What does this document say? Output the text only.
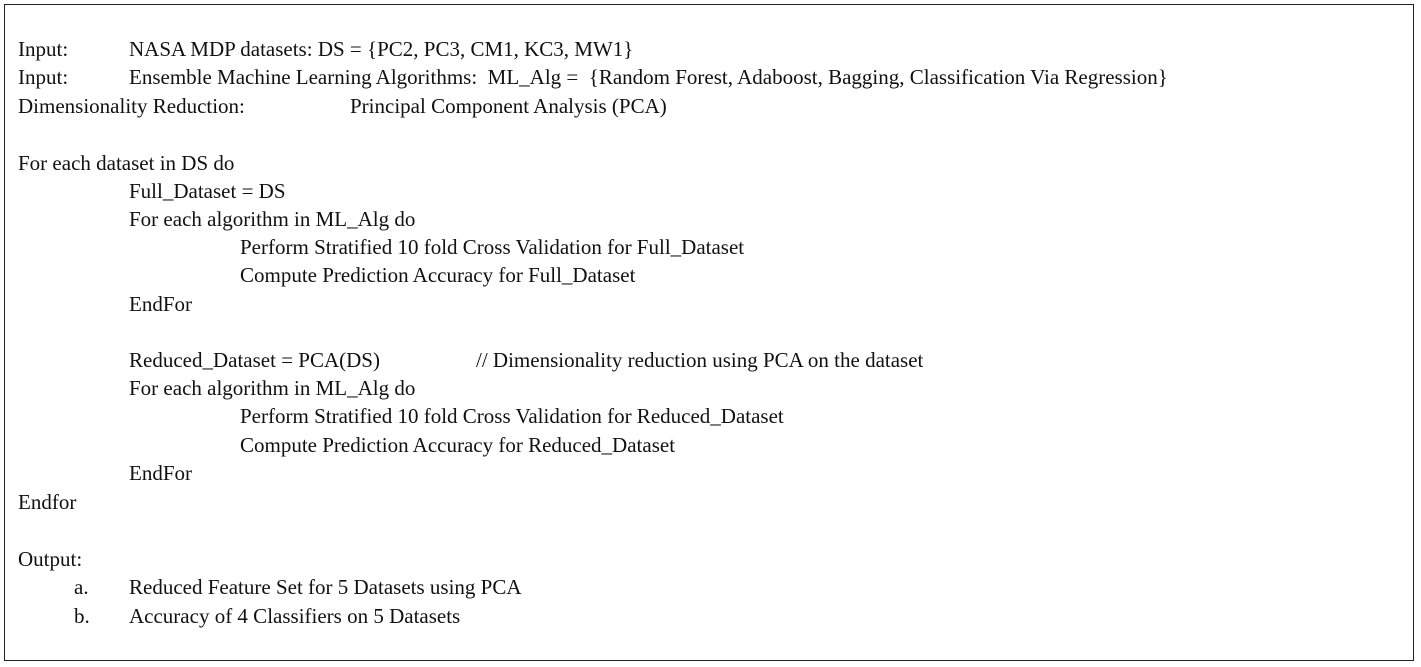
Input:	NASA MDP datasets: DS = {PC2, PC3, CM1, KC3, MW1}
Input:	Ensemble Machine Learning Algorithms:  ML_Alg =  {Random Forest, Adaboost, Bagging, Classification Via Regression}
Dimensionality Reduction:	Principal Component Analysis (PCA)
For each dataset in DS do
Full_Dataset = DS
For each algorithm in ML_Alg do
Perform Stratified 10 fold Cross Validation for Full_Dataset
Compute Prediction Accuracy for Full_Dataset
EndFor
Reduced_Dataset = PCA(DS)	// Dimensionality reduction using PCA on the dataset
For each algorithm in ML_Alg do
Perform Stratified 10 fold Cross Validation for Reduced_Dataset
Compute Prediction Accuracy for Reduced_Dataset
EndFor
Endfor
Output:
a. Reduced Feature Set for 5 Datasets using PCA
b. Accuracy of 4 Classifiers on 5 Datasets
